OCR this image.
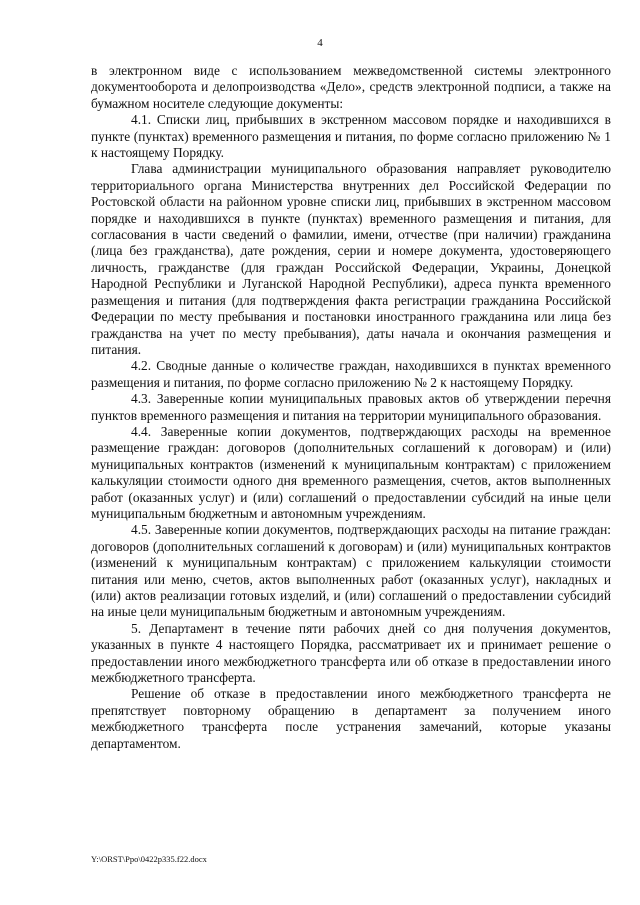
4

в электронном виде с использованием межведомственной системы электронного документооборота и делопроизводства «Дело», средств электронной подписи, а также на бумажном носителе следующие документы:

4.1. Списки лиц, прибывших в экстренном массовом порядке и находившихся в пункте (пунктах) временного размещения и питания, по форме согласно приложению № 1 к настоящему Порядку.

Глава администрации муниципального образования направляет руководителю территориального органа Министерства внутренних дел Российской Федерации по Ростовской области на районном уровне списки лиц, прибывших в экстренном массовом порядке и находившихся в пункте (пунктах) временного размещения и питания, для согласования в части сведений о фамилии, имени, отчестве (при наличии) гражданина (лица без гражданства), дате рождения, серии и номере документа, удостоверяющего личность, гражданстве (для граждан Российской Федерации, Украины, Донецкой Народной Республики и Луганской Народной Республики), адреса пункта временного размещения и питания (для подтверждения факта регистрации гражданина Российской Федерации по месту пребывания и постановки иностранного гражданина или лица без гражданства на учет по месту пребывания), даты начала и окончания размещения и питания.

4.2. Сводные данные о количестве граждан, находившихся в пунктах временного размещения и питания, по форме согласно приложению № 2 к настоящему Порядку.

4.3. Заверенные копии муниципальных правовых актов об утверждении перечня пунктов временного размещения и питания на территории муниципального образования.

4.4. Заверенные копии документов, подтверждающих расходы на временное размещение граждан: договоров (дополнительных соглашений к договорам) и (или) муниципальных контрактов (изменений к муниципальным контрактам) с приложением калькуляции стоимости одного дня временного размещения, счетов, актов выполненных работ (оказанных услуг) и (или) соглашений о предоставлении субсидий на иные цели муниципальным бюджетным и автономным учреждениям.

4.5. Заверенные копии документов, подтверждающих расходы на питание граждан: договоров (дополнительных соглашений к договорам) и (или) муниципальных контрактов (изменений к муниципальным контрактам) с приложением калькуляции стоимости питания или меню, счетов, актов выполненных работ (оказанных услуг), накладных и (или) актов реализации готовых изделий, и (или) соглашений о предоставлении субсидий на иные цели муниципальным бюджетным и автономным учреждениям.

5. Департамент в течение пяти рабочих дней со дня получения документов, указанных в пункте 4 настоящего Порядка, рассматривает их и принимает решение о предоставлении иного межбюджетного трансферта или об отказе в предоставлении иного межбюджетного трансферта.

Решение об отказе в предоставлении иного межбюджетного трансферта не препятствует повторному обращению в департамент за получением иного межбюджетного трансферта после устранения замечаний, которые указаны департаментом.

Y:\ORST\Ppo\0422p335.f22.docx
